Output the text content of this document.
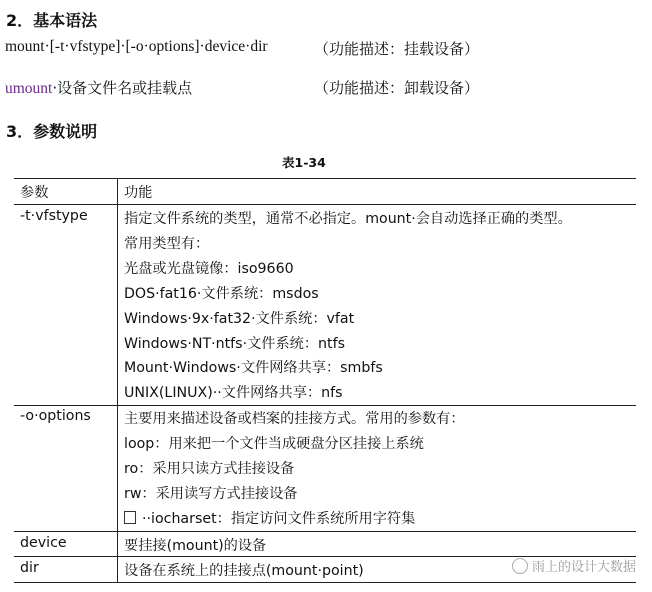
2．基本语法
mount·[-t·vfstype]·[-o·options]·device·dir	（功能描述：挂载设备）
umount·设备文件名或挂载点	（功能描述：卸载设备）
3．参数说明
表1-34
参数	功能
-t·vfstype	指定文件系统的类型，通常不必指定。mount·会自动选择正确的类型。
常用类型有：
光盘或光盘镜像：iso9660
DOS·fat16·文件系统：msdos
Windows·9x·fat32·文件系统：vfat
Windows·NT·ntfs·文件系统：ntfs
Mount·Windows·文件网络共享：smbfs
UNIX(LINUX)··文件网络共享：nfs
-o·options 主要用来描述设备或档案的挂接方式。常用的参数有：
loop：用来把一个文件当成硬盘分区挂接上系统
ro：采用只读方式挂接设备
rw：采用读写方式挂接设备
··iocharset：指定访问文件系统所用字符集
device	要挂接(mount)的设备
dir	设备在系统上的挂接点(mount·point)	雨上的设计大数据
